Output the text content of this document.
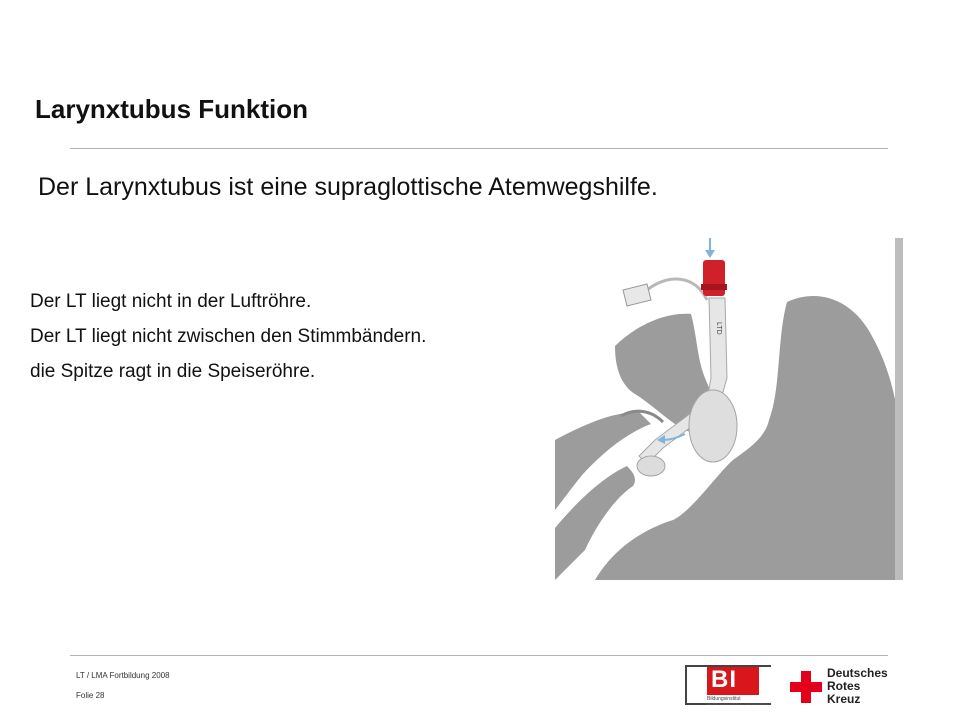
Larynxtubus Funktion
Der Larynxtubus ist eine supraglottische Atemwegshilfe.

Der LT liegt nicht in der Luftröhre.

Der LT liegt nicht zwischen den Stimmbändern.

die Spitze ragt in die Speiseröhre.

LTD
LT / LMA Fortbildung 2008
Folie 28
BI
Bildungsinstitut
des DRK-Landesverbandes Rheinland-Pfalz e.V.
Deutsches
Rotes
Kreuz
